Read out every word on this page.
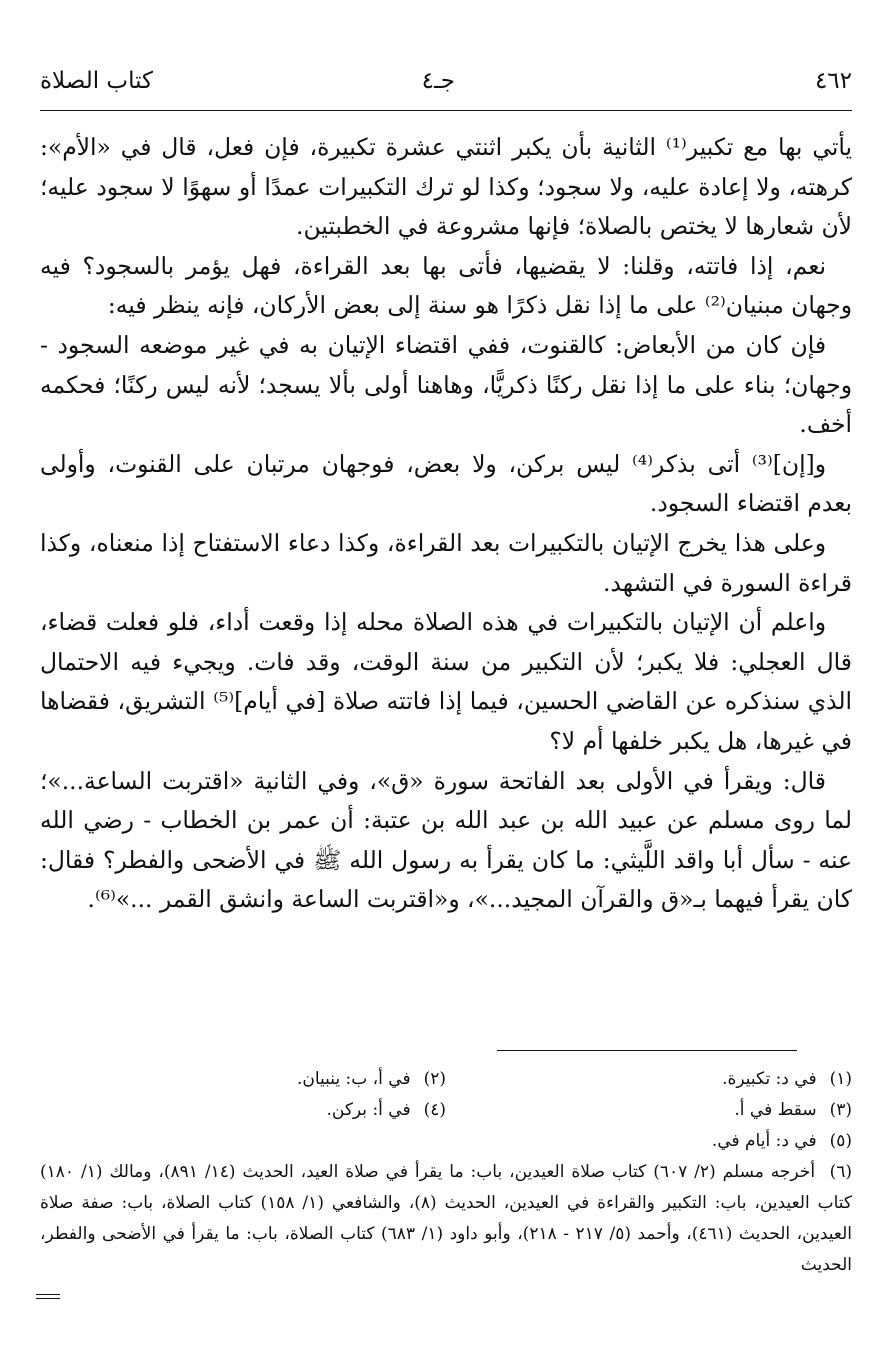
٤٦٢
جـ٤
كتاب الصلاة

يأتي بها مع تكبير⁽¹⁾ الثانية بأن يكبر اثنتي عشرة تكبيرة، فإن فعل، قال في «الأم»: كرهته، ولا إعادة عليه، ولا سجود؛ وكذا لو ترك التكبيرات عمدًا أو سهوًا لا سجود عليه؛ لأن شعارها لا يختص بالصلاة؛ فإنها مشروعة في الخطبتين.

نعم، إذا فاتته، وقلنا: لا يقضيها، فأتى بها بعد القراءة، فهل يؤمر بالسجود؟ فيه وجهان مبنيان⁽²⁾ على ما إذا نقل ذكرًا هو سنة إلى بعض الأركان، فإنه ينظر فيه:

فإن كان من الأبعاض: كالقنوت، ففي اقتضاء الإتيان به في غير موضعه السجود - وجهان؛ بناء على ما إذا نقل ركنًا ذكريًّا، وهاهنا أولى بألا يسجد؛ لأنه ليس ركنًا؛ فحكمه أخف.

و[إن]⁽³⁾ أتى بذكر⁽⁴⁾ ليس بركن، ولا بعض، فوجهان مرتبان على القنوت، وأولى بعدم اقتضاء السجود.

وعلى هذا يخرج الإتيان بالتكبيرات بعد القراءة، وكذا دعاء الاستفتاح إذا منعناه، وكذا قراءة السورة في التشهد.

واعلم أن الإتيان بالتكبيرات في هذه الصلاة محله إذا وقعت أداء، فلو فعلت قضاء، قال العجلي: فلا يكبر؛ لأن التكبير من سنة الوقت، وقد فات. ويجيء فيه الاحتمال الذي سنذكره عن القاضي الحسين، فيما إذا فاتته صلاة [في أيام]⁽⁵⁾ التشريق، فقضاها في غيرها، هل يكبر خلفها أم لا؟

قال: ويقرأ في الأولى بعد الفاتحة سورة «ق»، وفي الثانية «اقتربت الساعة...»؛ لما روى مسلم عن عبيد الله بن عبد الله بن عتبة: أن عمر بن الخطاب - رضي الله عنه - سأل أبا واقد اللَّيثي: ما كان يقرأ به رسول الله ﷺ في الأضحى والفطر؟ فقال: كان يقرأ فيهما بـ«ق والقرآن المجيد...»، و«اقتربت الساعة وانشق القمر ...»⁽⁶⁾.

(١) في د: تكبيرة.
(٢) في أ، ب: ينبيان.
(٣) سقط في أ.
(٤) في أ: بركن.
(٥) في د: أيام في.
(٦) أخرجه مسلم (٢/ ٦٠٧) كتاب صلاة العيدين، باب: ما يقرأ في صلاة العيد، الحديث (١٤/ ٨٩١)، ومالك (١/ ١٨٠) كتاب العيدين، باب: التكبير والقراءة في العيدين، الحديث (٨)، والشافعي (١/ ١٥٨) كتاب الصلاة، باب: صفة صلاة العيدين، الحديث (٤٦١)، وأحمد (٥/ ٢١٧ - ٢١٨)، وأبو داود (١/ ٦٨٣) كتاب الصلاة، باب: ما يقرأ في الأضحى والفطر، الحديث
